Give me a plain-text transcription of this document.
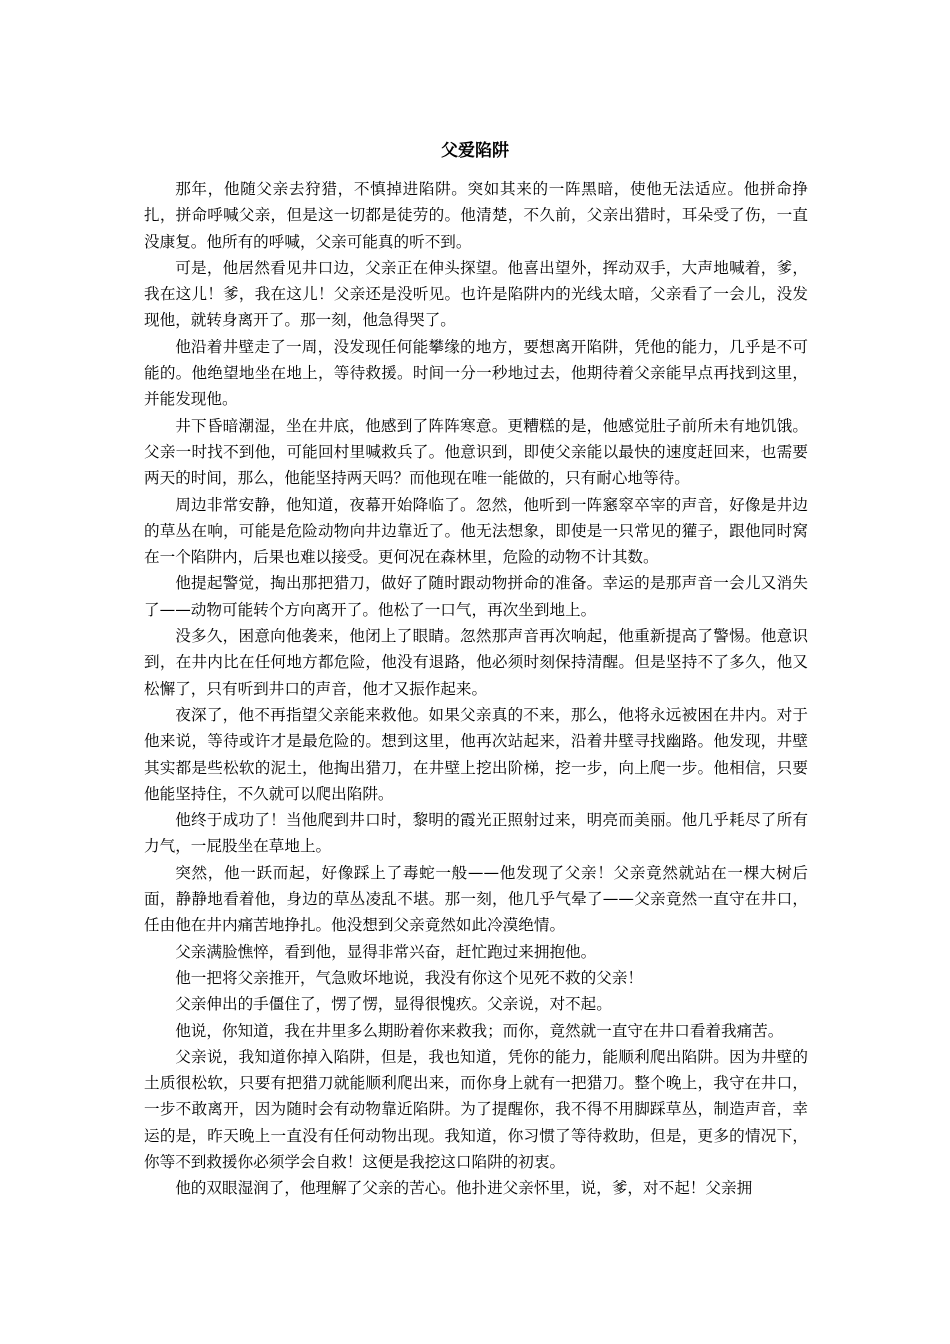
父爱陷阱

那年，他随父亲去狩猎，不慎掉进陷阱。突如其来的一阵黑暗，使他无法适应。他拼命挣扎，拼命呼喊父亲，但是这一切都是徒劳的。他清楚，不久前，父亲出猎时，耳朵受了伤，一直没康复。他所有的呼喊，父亲可能真的听不到。

可是，他居然看见井口边，父亲正在伸头探望。他喜出望外，挥动双手，大声地喊着，爹，我在这儿！爹，我在这儿！父亲还是没听见。也许是陷阱内的光线太暗，父亲看了一会儿，没发现他，就转身离开了。那一刻，他急得哭了。

他沿着井壁走了一周，没发现任何能攀缘的地方，要想离开陷阱，凭他的能力，几乎是不可能的。他绝望地坐在地上，等待救援。时间一分一秒地过去，他期待着父亲能早点再找到这里，并能发现他。

井下昏暗潮湿，坐在井底，他感到了阵阵寒意。更糟糕的是，他感觉肚子前所未有地饥饿。父亲一时找不到他，可能回村里喊救兵了。他意识到，即使父亲能以最快的速度赶回来，也需要两天的时间，那么，他能坚持两天吗？而他现在唯一能做的，只有耐心地等待。

周边非常安静，他知道，夜幕开始降临了。忽然，他听到一阵窸窣卒宰的声音，好像是井边的草丛在响，可能是危险动物向井边靠近了。他无法想象，即使是一只常见的獾子，跟他同时窝在一个陷阱内，后果也难以接受。更何况在森林里，危险的动物不计其数。

他提起警觉，掏出那把猎刀，做好了随时跟动物拼命的准备。幸运的是那声音一会儿又消失了——动物可能转个方向离开了。他松了一口气，再次坐到地上。

没多久，困意向他袭来，他闭上了眼睛。忽然那声音再次响起，他重新提高了警惕。他意识到，在井内比在任何地方都危险，他没有退路，他必须时刻保持清醒。但是坚持不了多久，他又松懈了，只有听到井口的声音，他才又振作起来。

夜深了，他不再指望父亲能来救他。如果父亲真的不来，那么，他将永远被困在井内。对于他来说，等待或许才是最危险的。想到这里，他再次站起来，沿着井壁寻找幽路。他发现，井壁其实都是些松软的泥土，他掏出猎刀，在井壁上挖出阶梯，挖一步，向上爬一步。他相信，只要他能坚持住，不久就可以爬出陷阱。

他终于成功了！当他爬到井口时，黎明的霞光正照射过来，明亮而美丽。他几乎耗尽了所有力气，一屁股坐在草地上。

突然，他一跃而起，好像踩上了毒蛇一般——他发现了父亲！父亲竟然就站在一棵大树后面，静静地看着他，身边的草丛凌乱不堪。那一刻，他几乎气晕了——父亲竟然一直守在井口，任由他在井内痛苦地挣扎。他没想到父亲竟然如此冷漠绝情。

父亲满脸憔悴，看到他，显得非常兴奋，赶忙跑过来拥抱他。

他一把将父亲推开，气急败坏地说，我没有你这个见死不救的父亲！

父亲伸出的手僵住了，愣了愣，显得很愧疚。父亲说，对不起。

他说，你知道，我在井里多么期盼着你来救我；而你，竟然就一直守在井口看着我痛苦。

父亲说，我知道你掉入陷阱，但是，我也知道，凭你的能力，能顺利爬出陷阱。因为井壁的土质很松软，只要有把猎刀就能顺利爬出来，而你身上就有一把猎刀。整个晚上，我守在井口，一步不敢离开，因为随时会有动物靠近陷阱。为了提醒你，我不得不用脚踩草丛，制造声音，幸运的是，昨天晚上一直没有任何动物出现。我知道，你习惯了等待救助，但是，更多的情况下，你等不到救援你必须学会自救！这便是我挖这口陷阱的初衷。

他的双眼湿润了，他理解了父亲的苦心。他扑进父亲怀里，说，爹，对不起！父亲拥
